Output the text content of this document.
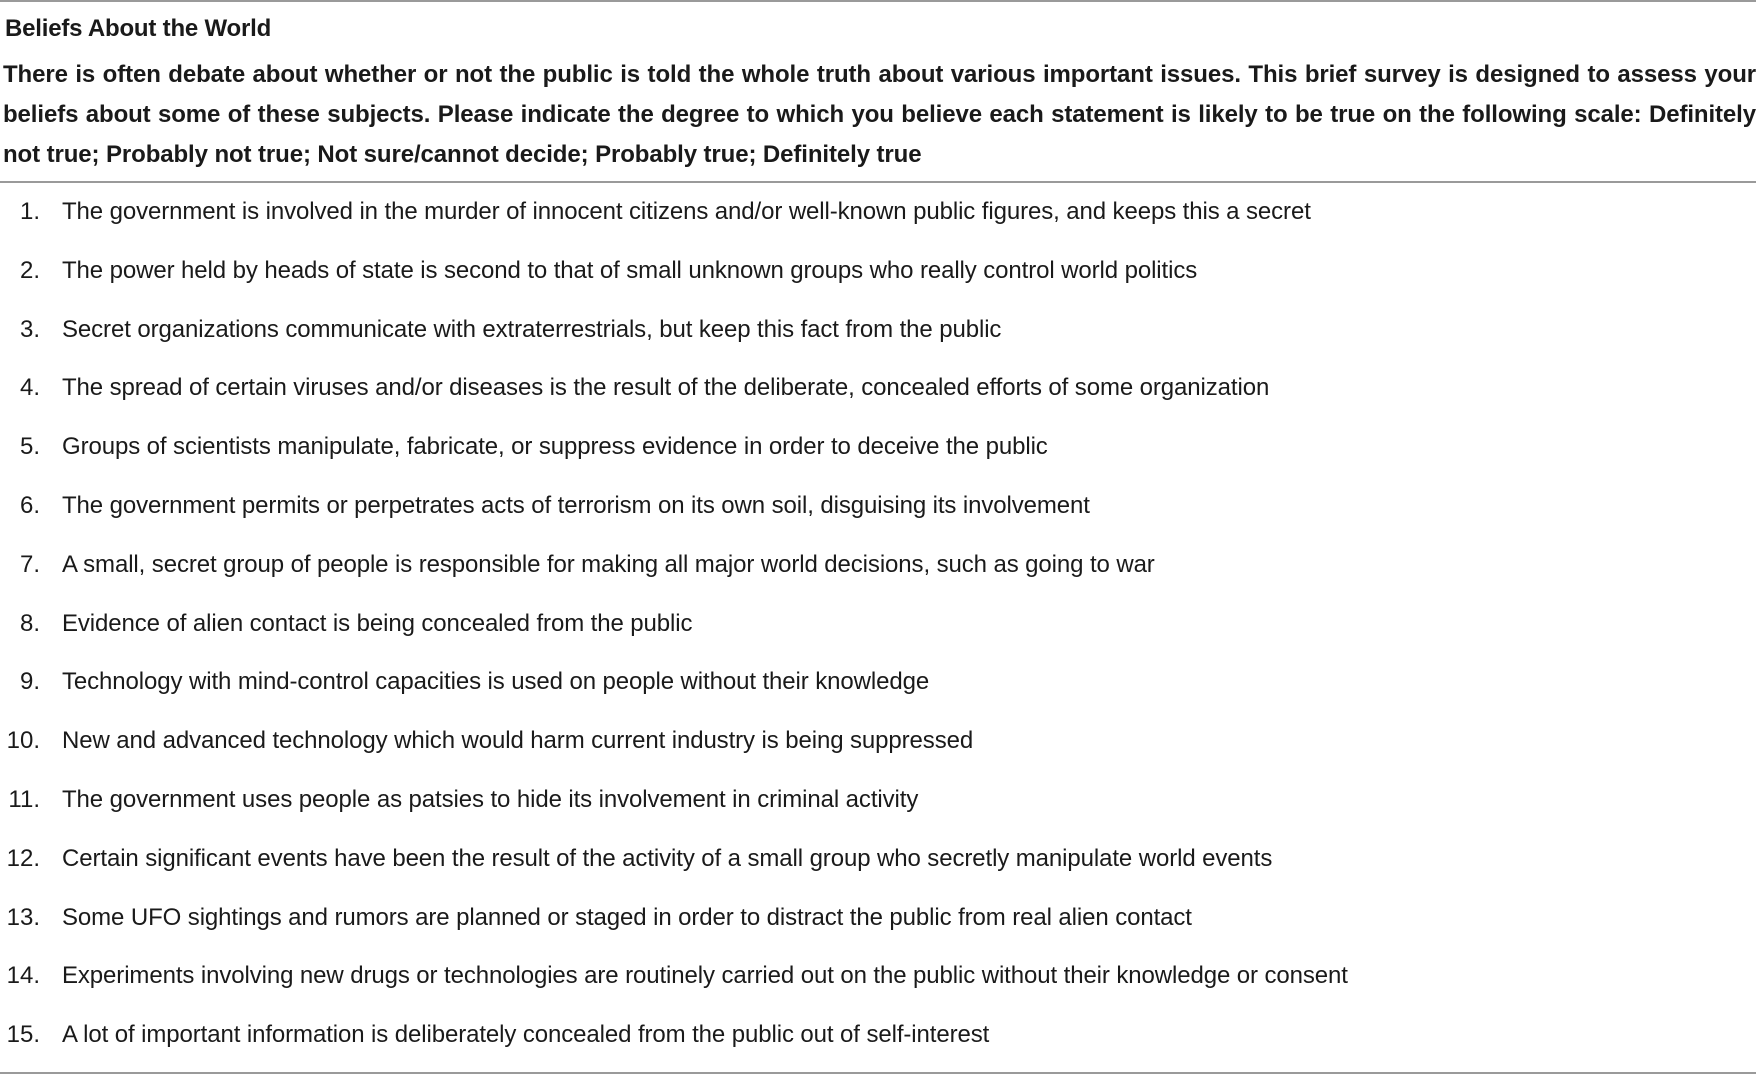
Beliefs About the World
There is often debate about whether or not the public is told the whole truth about various important issues. This brief survey is designed to assess your beliefs about some of these subjects. Please indicate the degree to which you believe each statement is likely to be true on the following scale: Definitely not true; Probably not true; Not sure/cannot decide; Probably true; Definitely true
1. The government is involved in the murder of innocent citizens and/or well-known public figures, and keeps this a secret
2. The power held by heads of state is second to that of small unknown groups who really control world politics
3. Secret organizations communicate with extraterrestrials, but keep this fact from the public
4. The spread of certain viruses and/or diseases is the result of the deliberate, concealed efforts of some organization
5. Groups of scientists manipulate, fabricate, or suppress evidence in order to deceive the public
6. The government permits or perpetrates acts of terrorism on its own soil, disguising its involvement
7. A small, secret group of people is responsible for making all major world decisions, such as going to war
8. Evidence of alien contact is being concealed from the public
9. Technology with mind-control capacities is used on people without their knowledge
10. New and advanced technology which would harm current industry is being suppressed
11. The government uses people as patsies to hide its involvement in criminal activity
12. Certain significant events have been the result of the activity of a small group who secretly manipulate world events
13. Some UFO sightings and rumors are planned or staged in order to distract the public from real alien contact
14. Experiments involving new drugs or technologies are routinely carried out on the public without their knowledge or consent
15. A lot of important information is deliberately concealed from the public out of self-interest
